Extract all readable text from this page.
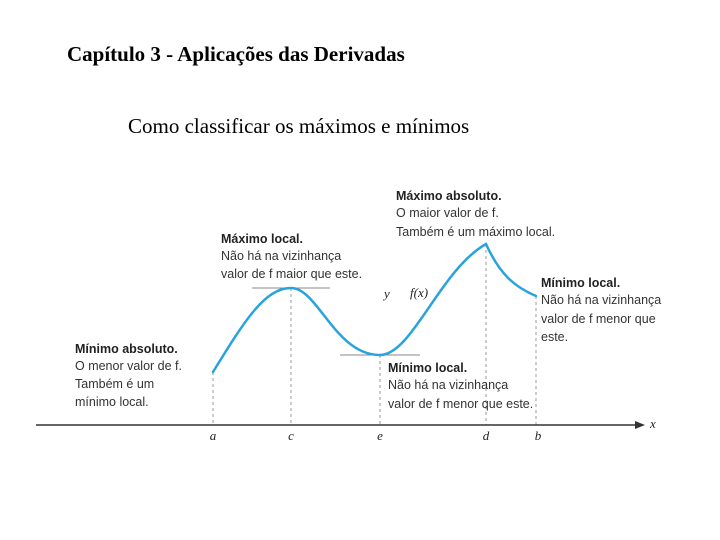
Capítulo 3 - Aplicações das Derivadas
Como classificar os máximos e mínimos
a	c	e	d	b
x
y f(x)
Máximo absoluto.
O maior valor de f.
Também é um máximo local.
Máximo local.
Não há na vizinhança
valor de f maior que este.
Mínimo local.
Não há na vizinhança
valor de f menor que
este.
Mínimo absoluto.
O menor valor de f.
Também é um
mínimo local.
Mínimo local.
Não há na vizinhança
valor de f menor que este.
